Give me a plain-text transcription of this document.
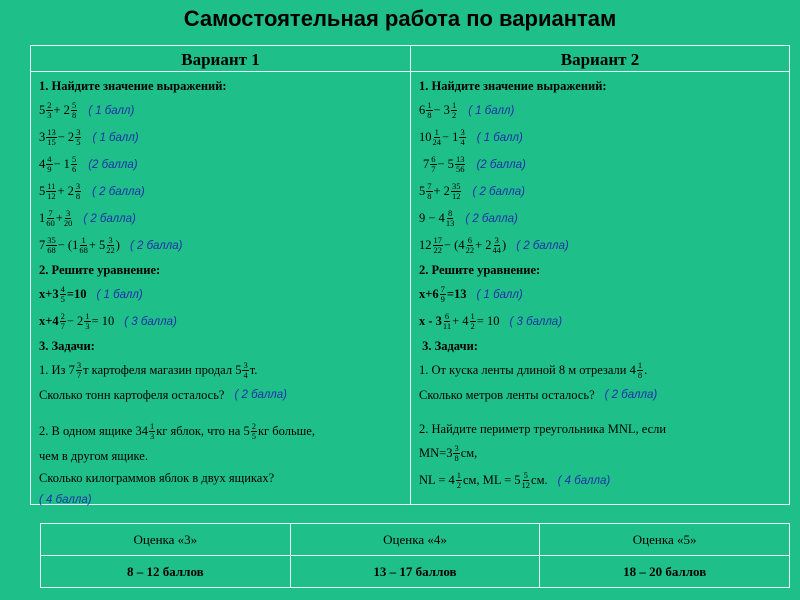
Самостоятельная работа по вариантам
Вариант 1
1. Найдите значение выражений:
$5 \frac{2}{3} + 2 \frac{5}{8}$ ( 1 балл)
$3 \frac{13}{15} - 2 \frac{3}{5}$ ( 1 балл)
$4 \frac{4}{9} - 1 \frac{5}{6} (2$ балла)
$5 \frac{11}{12} + 2 \frac{3}{8}$ ( 2 балла)
$1 \frac{7}{60} + \frac{3}{20}$ ( 2 балла)
$7 \frac{35}{68} - (1 \frac{1}{68} + 5 \frac{3}{22}$ ) ( 2 балла)
2. Решите уравнение:
$x+3 \frac{4}{5} =10$ ( 1 балл)
$x+4 \frac{2}{7} - 2 \frac{1}{3} = 10$ ( 3 балла)
3. Задачи:
1. Из $7 \frac{3}{7}$ т картофеля магазин продал $5 \frac{3}{4} т$.
Сколько тонн картофеля осталось? ( 2 балла)
2. В одном ящике $34 \frac{1}{3}$ кг яблок, что на $5 \frac{2}{5}$ кг больше,
чем в другом ящике.
Сколько килограммов яблок в двух ящиках?
( 4 балла)
Вариант 2
1. Найдите значение выражений:
$6 \frac{1}{8} - 3 \frac{1}{2}$ ( 1 балл)
$10 \frac{1}{24} - 1 \frac{3}{4}$ ( 1 балл)
$7 \frac{6}{7} - 5 \frac{13}{56} (2$ балла)
$5 \frac{7}{8} + 2 \frac{35}{12}$ ( 2 балла)
9
− $4 \frac{8}{13}$ ( 2 балла)
$12 \frac{17}{22} - (4 \frac{6}{22} + 2 \frac{3}{44}$ ) ( 2 балла)
2. Решите уравнение:
$x+6 \frac{7}{9} =13$ ( 1 балл)
$x - 3 \frac{6}{11} + 4 \frac{1}{2} = 10$ ( 3 балла)
3. Задачи:
1. От куска ленты длиной 8 м отрезали $4 \frac{1}{8}$ .
Сколько метров ленты осталось? ( 2 балла)
2. Найдите периметр треугольника MNL, если
$MN=3 \frac{3}{8}$ см,
NL = $4 \frac{1}{2}$ см, ML = $5 \frac{5}{12}$ см. ( 4 балла)
Оценка «3»	Оценка «4»	Оценка «5»
8 – 12 баллов	13 – 17 баллов	18 – 20 баллов
